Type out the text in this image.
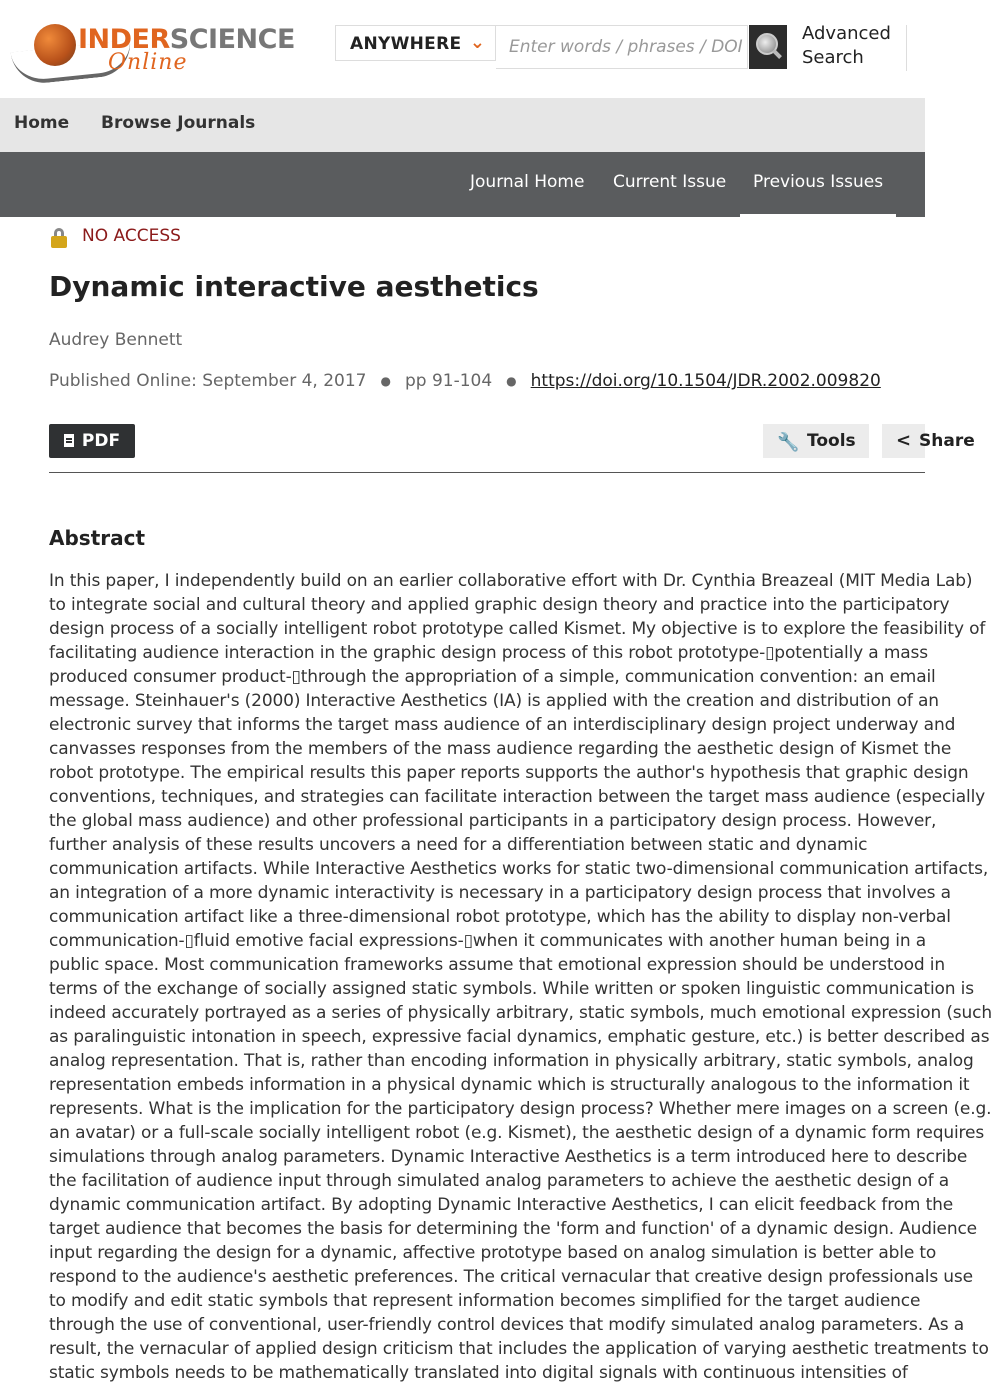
INDERSCIENCE
Online
ANYWHERE ⌄
Enter words / phrases / DOI / ISBN / authors / keywords / etc.	Advanced
Search
Home Browse Journals
Journal Home Current Issue Previous Issues
NO ACCESS
Dynamic interactive aesthetics
Audrey Bennett
Published Online: September 4, 2017 ● pp 91-104 ● https://doi.org/10.1504/JDR.2002.009820
PDF	🔧 Tools	< Share
Abstract
In this paper, I independently build on an earlier collaborative effort with Dr. Cynthia Breazeal (MIT Media Lab)
to integrate social and cultural theory and applied graphic design theory and practice into the participatory
design process of a socially intelligent robot prototype called Kismet. My objective is to explore the feasibility of
facilitating audience interaction in the graphic design process of this robot prototype-▯potentially a mass
produced consumer product-▯through the appropriation of a simple, communication convention: an email
message. Steinhauer's (2000) Interactive Aesthetics (IA) is applied with the creation and distribution of an
electronic survey that informs the target mass audience of an interdisciplinary design project underway and
canvasses responses from the members of the mass audience regarding the aesthetic design of Kismet the
robot prototype. The empirical results this paper reports supports the author's hypothesis that graphic design
conventions, techniques, and strategies can facilitate interaction between the target mass audience (especially
the global mass audience) and other professional participants in a participatory design process. However,
further analysis of these results uncovers a need for a differentiation between static and dynamic
communication artifacts. While Interactive Aesthetics works for static two-dimensional communication artifacts,
an integration of a more dynamic interactivity is necessary in a participatory design process that involves a
communication artifact like a three-dimensional robot prototype, which has the ability to display non-verbal
communication-▯fluid emotive facial expressions-▯when it communicates with another human being in a
public space. Most communication frameworks assume that emotional expression should be understood in
terms of the exchange of socially assigned static symbols. While written or spoken linguistic communication is
indeed accurately portrayed as a series of physically arbitrary, static symbols, much emotional expression (such
as paralinguistic intonation in speech, expressive facial dynamics, emphatic gesture, etc.) is better described as
analog representation. That is, rather than encoding information in physically arbitrary, static symbols, analog
representation embeds information in a physical dynamic which is structurally analogous to the information it
represents. What is the implication for the participatory design process? Whether mere images on a screen (e.g.
an avatar) or a full-scale socially intelligent robot (e.g. Kismet), the aesthetic design of a dynamic form requires
simulations through analog parameters. Dynamic Interactive Aesthetics is a term introduced here to describe
the facilitation of audience input through simulated analog parameters to achieve the aesthetic design of a
dynamic communication artifact. By adopting Dynamic Interactive Aesthetics, I can elicit feedback from the
target audience that becomes the basis for determining the 'form and function' of a dynamic design. Audience
input regarding the design for a dynamic, affective prototype based on analog simulation is better able to
respond to the audience's aesthetic preferences. The critical vernacular that creative design professionals use
to modify and edit static symbols that represent information becomes simplified for the target audience
through the use of conventional, user-friendly control devices that modify simulated analog parameters. As a
result, the vernacular of applied design criticism that includes the application of varying aesthetic treatments to
static symbols needs to be mathematically translated into digital signals with continuous intensities of
